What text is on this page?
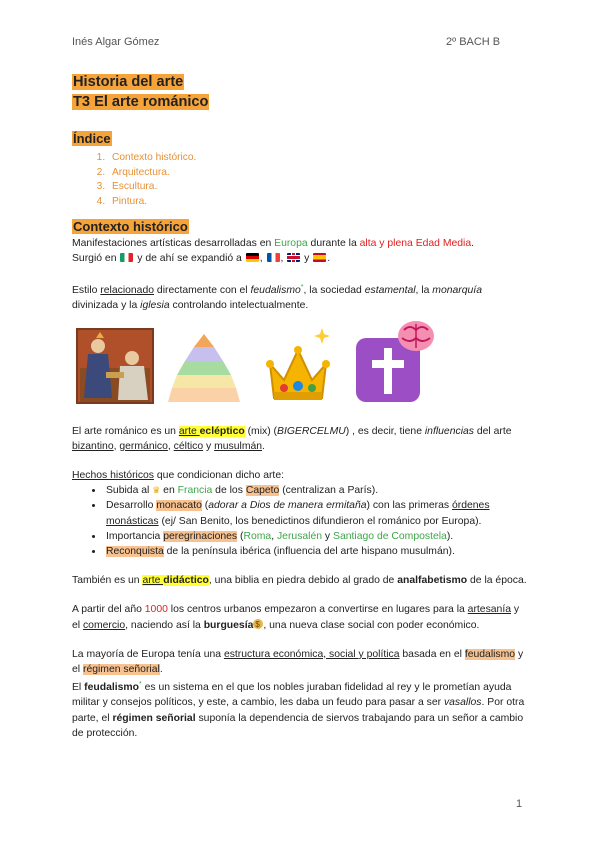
Inés Algar Gómez	2º BACH B
Historia del arte
T3 El arte románico
Índice
1. Contexto histórico.
2. Arquitectura.
3. Escultura.
4. Pintura.
Contexto histórico

Manifestaciones artísticas desarrolladas en Europa durante la alta y plena Edad Media.

Surgió en  y de ahí se expandió a , ,  y .

Estilo relacionado directamente con el feudalismo*, la sociedad estamental, la monarquía
divinizada y la iglesia controlando intelectualmente.

El arte románico es un arte ecléptico (mix) (BIGERCELMU) , es decir, tiene influencias del arte bizantino, germánico, céltico y musulmán.

Hechos históricos que condicionan dicho arte:

• Subida al ♛ en Francia de los Capeto (centralizan a París).
• Desarrollo monacato (adorar a Dios de manera ermitaña) con las primeras órdenes monásticas (ej/ San Benito, los benedictinos difundieron el románico por Europa).
• Importancia peregrinaciones (Roma, Jerusalén y Santiago de Compostela).
• Reconquista de la península ibérica (influencia del arte hispano musulmán).

También es un arte didáctico, una biblia en piedra debido al grado de analfabetismo de la época.

A partir del año 1000 los centros urbanos empezaron a convertirse en lugares para la artesanía y el comercio, naciendo así la burguesía$ , una nueva clase social con poder económico.

La mayoría de Europa tenía una estructura económica, social y política basada en el feudalismo y el régimen señorial.

El feudalismo* es un sistema en el que los nobles juraban fidelidad al rey y le prometían ayuda militar y consejos políticos, y este, a cambio, les daba un feudo para pasar a ser vasallos. Por otra parte, el régimen señorial suponía la dependencia de siervos trabajando para un señor a cambio de protección.

1
